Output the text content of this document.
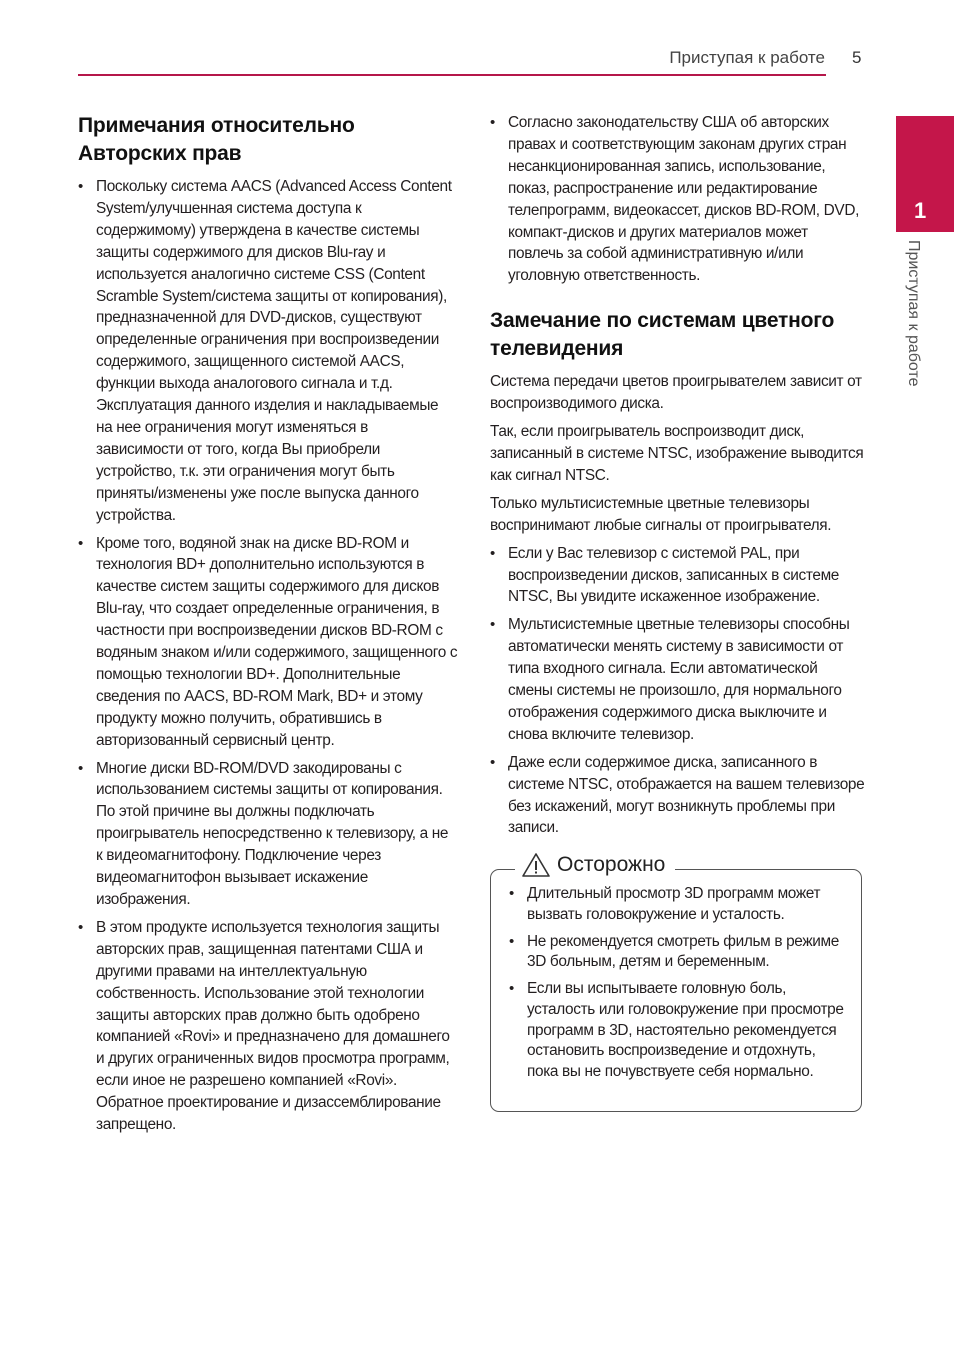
Приступая к работе 5
1
Приступая к работе
Примечания относительно Авторских прав
• Поскольку система AACS (Advanced Access Content System/улучшенная система доступа к содержимому) утверждена в качестве системы защиты содержимого для дисков Blu-ray и используется аналогично системе CSS (Content Scramble System/система защиты от копирования), предназначенной для DVD-дисков, существуют определенные ограничения при воспроизведении содержимого, защищенного системой AACS, функции выхода аналогового сигнала и т.д. Эксплуатация данного изделия и накладываемые на нее ограничения могут изменяться в зависимости от того, когда Вы приобрели устройство, т.к. эти ограничения могут быть приняты/изменены уже после выпуска данного устройства.
• Кроме того, водяной знак на диске BD-ROM и технология BD+ дополнительно используются в качестве систем защиты содержимого для дисков Blu-ray, что создает определенные ограничения, в частности при воспроизведении дисков BD-ROM с водяным знаком и/или содержимого, защищенного с помощью технологии BD+. Дополнительные сведения по AACS, BD-ROM Mark, BD+ и этому продукту можно получить, обратившись в авторизованный сервисный центр.
• Многие диски BD-ROM/DVD закодированы с использованием системы защиты от копирования. По этой причине вы должны подключать проигрыватель непосредственно к телевизору, а не к видеомагнитофону. Подключение через видеомагнитофон вызывает искажение изображения.
• В этом продукте используется технология защиты авторских прав, защищенная патентами США и другими правами на интеллектуальную собственность. Использование этой технологии защиты авторских прав должно быть одобрено компанией «Rovi» и предназначено для домашнего и других ограниченных видов просмотра программ, если иное не разрешено компанией «Rovi». Обратное проектирование и дизассемблирование запрещено.
• Согласно законодательству США об авторских правах и соответствующим законам других стран несанкционированная запись, использование, показ, распространение или редактирование телепрограмм, видеокассет, дисков BD-ROM, DVD, компакт-дисков и других материалов может повлечь за собой административную и/или уголовную ответственность.
Замечание по системам цветного телевидения

Система передачи цветов проигрывателем зависит от воспроизводимого диска.

Так, если проигрыватель воспроизводит диск, записанный в системе NTSC, изображение выводится как сигнал NTSC.

Только мультисистемные цветные телевизоры воспринимают любые сигналы от проигрывателя.

• Если у Вас телевизор с системой PAL, при воспроизведении дисков, записанных в системе NTSC, Вы увидите искаженное изображение.
• Мультисистемные цветные телевизоры способны автоматически менять систему в зависимости от типа входного сигнала. Если автоматической смены системы не произошло, для нормального отображения содержимого диска выключите и снова включите телевизор.
• Даже если содержимое диска, записанного в системе NTSC, отображается на вашем телевизоре без искажений, могут возникнуть проблемы при записи.
Осторожно
• Длительный просмотр 3D программ может вызвать головокружение и усталость.
• Не рекомендуется смотреть фильм в режиме 3D больным, детям и беременным.
• Если вы испытываете головную боль, усталость или головокружение при просмотре программ в 3D, настоятельно рекомендуется остановить воспроизведение и отдохнуть, пока вы не почувствуете себя нормально.
